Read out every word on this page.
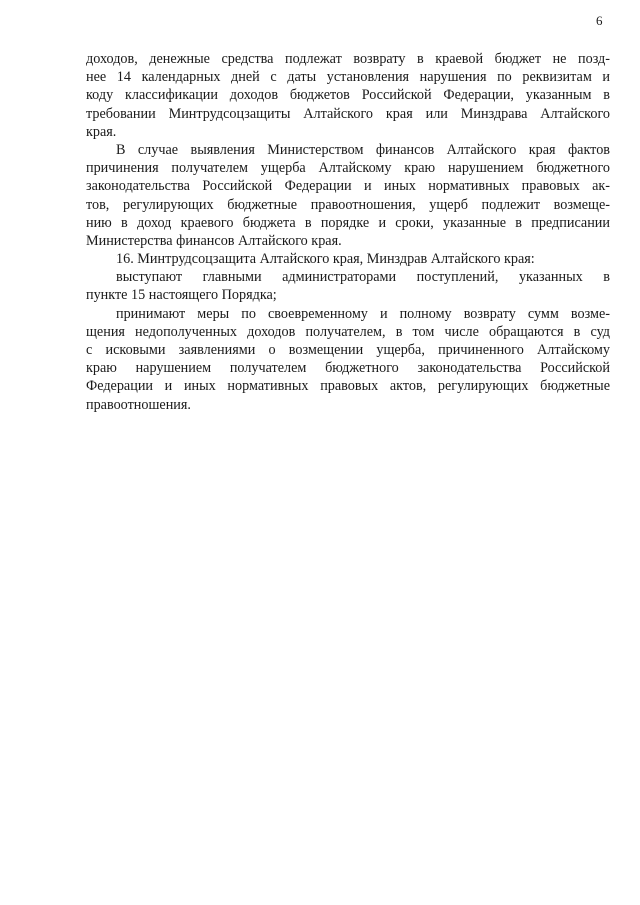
6
доходов, денежные средства подлежат возврату в краевой бюджет не позд-
нее 14 календарных дней с даты установления нарушения по реквизитам и
коду классификации доходов бюджетов Российской Федерации, указанным в
требовании Минтрудсоцзащиты Алтайского края или Минздрава Алтайского
края.
В случае выявления Министерством финансов Алтайского края фактов
причинения получателем ущерба Алтайскому краю нарушением бюджетного
законодательства Российской Федерации и иных нормативных правовых ак-
тов, регулирующих бюджетные правоотношения, ущерб подлежит возмеще-
нию в доход краевого бюджета в порядке и сроки, указанные в предписании
Министерства финансов Алтайского края.
16. Минтрудсоцзащита Алтайского края, Минздрав Алтайского края:
выступают главными администраторами поступлений, указанных в
пункте 15 настоящего Порядка;
принимают меры по своевременному и полному возврату сумм возме-
щения недополученных доходов получателем, в том числе обращаются в суд
с исковыми заявлениями о возмещении ущерба, причиненного Алтайскому
краю нарушением получателем бюджетного законодательства Российской
Федерации и иных нормативных правовых актов, регулирующих бюджетные
правоотношения.
